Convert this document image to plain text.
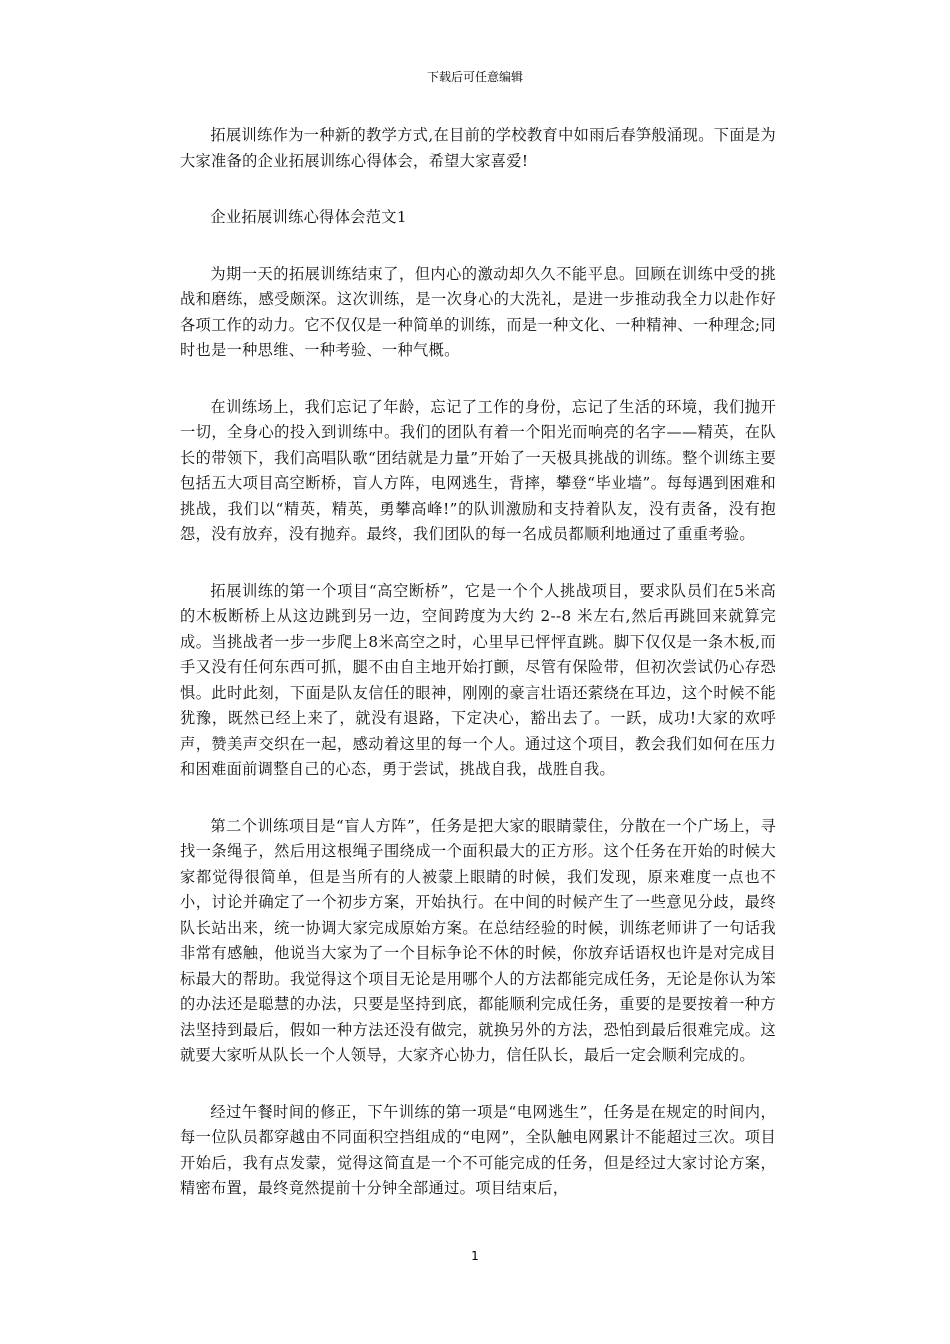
下载后可任意编辑

拓展训练作为一种新的教学方式,在目前的学校教育中如雨后春笋般涌现。下面是为大家准备的企业拓展训练心得体会，希望大家喜爱!

企业拓展训练心得体会范文1

为期一天的拓展训练结束了，但内心的激动却久久不能平息。回顾在训练中受的挑战和磨练，感受颇深。这次训练，是一次身心的大洗礼，是进一步推动我全力以赴作好各项工作的动力。它不仅仅是一种简单的训练，而是一种文化、一种精神、一种理念;同时也是一种思维、一种考验、一种气概。

在训练场上，我们忘记了年龄，忘记了工作的身份，忘记了生活的环境，我们抛开一切，全身心的投入到训练中。我们的团队有着一个阳光而响亮的名字——精英，在队长的带领下，我们高唱队歌“团结就是力量”开始了一天极具挑战的训练。整个训练主要包括五大项目高空断桥，盲人方阵，电网逃生，背摔，攀登“毕业墙”。每每遇到困难和挑战，我们以“精英，精英，勇攀高峰!”的队训激励和支持着队友，没有责备，没有抱怨，没有放弃，没有抛弃。最终，我们团队的每一名成员都顺利地通过了重重考验。

拓展训练的第一个项目“高空断桥”，它是一个个人挑战项目，要求队员们在5米高的木板断桥上从这边跳到另一边，空间跨度为大约 2--8 米左右,然后再跳回来就算完成。当挑战者一步一步爬上8米高空之时，心里早已怦怦直跳。脚下仅仅是一条木板,而手又没有任何东西可抓，腿不由自主地开始打颤，尽管有保险带，但初次尝试仍心存恐惧。此时此刻，下面是队友信任的眼神，刚刚的豪言壮语还萦绕在耳边，这个时候不能犹豫，既然已经上来了，就没有退路，下定决心，豁出去了。一跃，成功!大家的欢呼声，赞美声交织在一起，感动着这里的每一个人。通过这个项目，教会我们如何在压力和困难面前调整自己的心态，勇于尝试，挑战自我，战胜自我。

第二个训练项目是“盲人方阵”，任务是把大家的眼睛蒙住，分散在一个广场上，寻找一条绳子，然后用这根绳子围绕成一个面积最大的正方形。这个任务在开始的时候大家都觉得很简单，但是当所有的人被蒙上眼睛的时候，我们发现，原来难度一点也不小，讨论并确定了一个初步方案，开始执行。在中间的时候产生了一些意见分歧，最终队长站出来，统一协调大家完成原始方案。在总结经验的时候，训练老师讲了一句话我非常有感触，他说当大家为了一个目标争论不休的时候，你放弃话语权也许是对完成目标最大的帮助。我觉得这个项目无论是用哪个人的方法都能完成任务，无论是你认为笨的办法还是聪慧的办法，只要是坚持到底，都能顺利完成任务，重要的是要按着一种方法坚持到最后，假如一种方法还没有做完，就换另外的方法，恐怕到最后很难完成。这就要大家听从队长一个人领导，大家齐心协力，信任队长，最后一定会顺利完成的。

经过午餐时间的修正，下午训练的第一项是“电网逃生”，任务是在规定的时间内，每一位队员都穿越由不同面积空挡组成的“电网”，全队触电网累计不能超过三次。项目开始后，我有点发蒙，觉得这简直是一个不可能完成的任务，但是经过大家讨论方案，精密布置，最终竟然提前十分钟全部通过。项目结束后，

1
